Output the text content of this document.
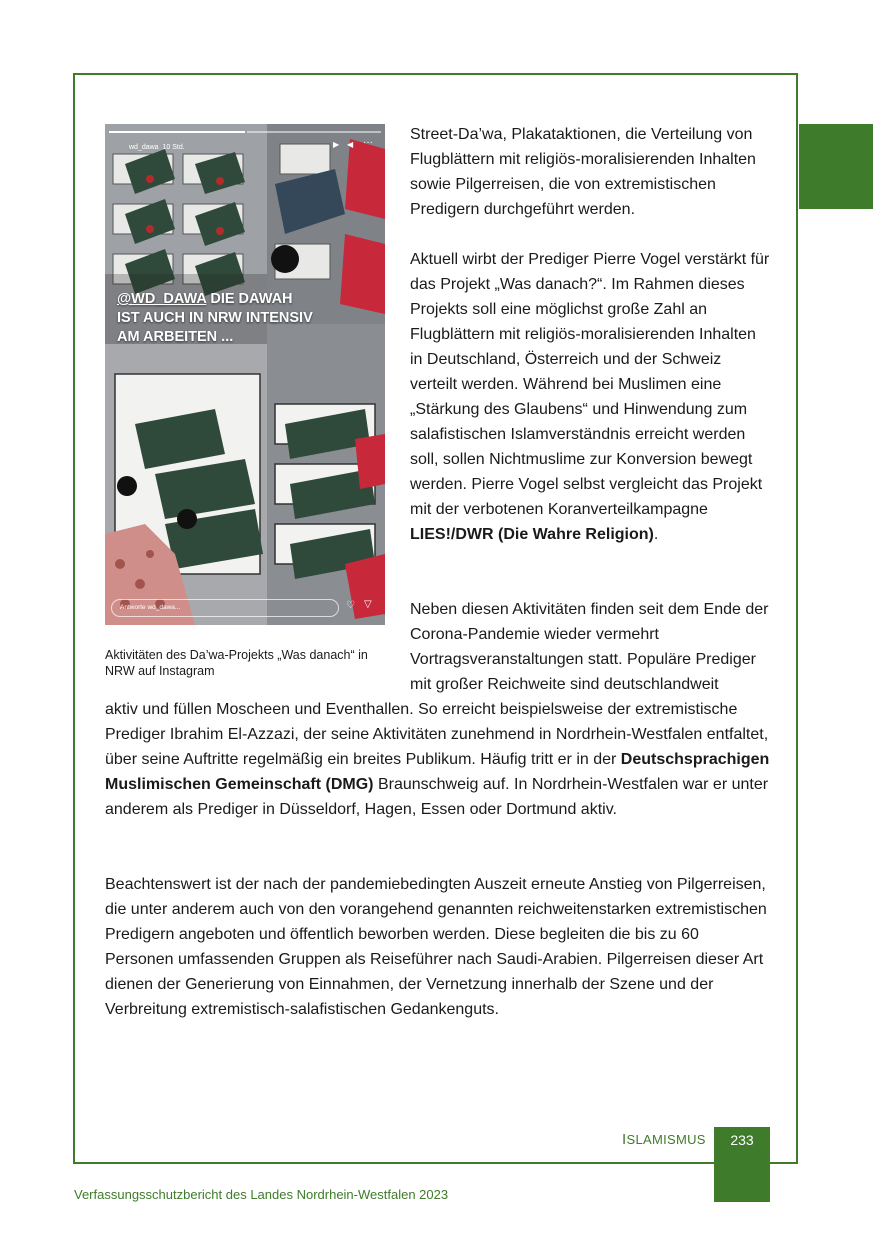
wd_dawa 10 Std.	▶ ◀ ···
@WD_DAWA DIE DAWAH IST AUCH IN NRW INTENSIV AM ARBEITEN ...
Antworte wd_dawa...	♡ ▽
Aktivitäten des Da’wa-Projekts „Was danach“ in NRW auf Instagram

Street-Da’wa, Plakataktionen, die Verteilung von Flugblättern mit religiös-moralisierenden Inhalten sowie Pilgerreisen, die von extremistischen Predigern durchgeführt werden.

Aktuell wirbt der Prediger Pierre Vogel verstärkt für das Projekt „Was danach?“. Im Rahmen dieses Projekts soll eine möglichst große Zahl an Flugblättern mit religiös-moralisierenden Inhalten in Deutschland, Österreich und der Schweiz verteilt werden. Während bei Muslimen eine „Stärkung des Glaubens“ und Hinwendung zum salafistischen Islamverständnis erreicht werden soll, sollen Nichtmuslime zur Konversion bewegt werden. Pierre Vogel selbst vergleicht das Projekt mit der verbotenen Koranverteilkampagne LIES!/DWR (Die Wahre Religion).

Neben diesen Aktivitäten finden seit dem Ende der Corona-Pandemie wieder vermehrt Vortragsveranstaltungen statt. Populäre Prediger mit großer Reichweite sind deutschlandweit

aktiv und füllen Moscheen und Eventhallen. So erreicht beispielsweise der extremistische Prediger Ibrahim El-Azzazi, der seine Aktivitäten zunehmend in Nordrhein-Westfalen entfaltet, über seine Auftritte regelmäßig ein breites Publikum. Häufig tritt er in der Deutschsprachigen Muslimischen Gemeinschaft (DMG) Braunschweig auf. In Nordrhein-Westfalen war er unter anderem als Prediger in Düsseldorf, Hagen, Essen oder Dortmund aktiv.

Beachtenswert ist der nach der pandemiebedingten Auszeit erneute Anstieg von Pilgerreisen, die unter anderem auch von den vorangehend genannten reichweitenstarken extremistischen Predigern angeboten und öffentlich beworben werden. Diese begleiten die bis zu 60 Personen umfassenden Gruppen als Reiseführer nach Saudi-Arabien. Pilgerreisen dieser Art dienen der Generierung von Einnahmen, der Vernetzung innerhalb der Szene und der Verbreitung extremistisch-salafistischen Gedankenguts.

ISLAMISMUS	233
Verfassungsschutzbericht des Landes Nordrhein-Westfalen 2023
